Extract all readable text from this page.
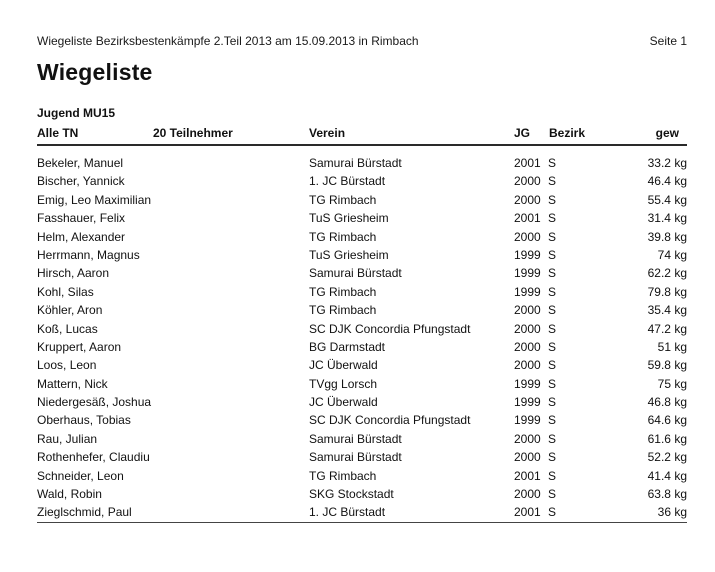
Wiegeliste Bezirksbestenkämpfe 2.Teil 2013 am 15.09.2013 in Rimbach	Seite 1
Wiegeliste
Jugend MU15
Alle TN	20 Teilnehmer	Verein	JG Bezirk	gew
Bekeler, Manuel	Samurai Bürstadt	2001 S	33.2 kg
Bischer, Yannick	1. JC Bürstadt	2000 S	46.4 kg
Emig, Leo Maximilian	TG Rimbach	2000 S	55.4 kg
Fasshauer, Felix	TuS Griesheim	2001 S	31.4 kg
Helm, Alexander	TG Rimbach	2000 S	39.8 kg
Herrmann, Magnus	TuS Griesheim	1999 S	74 kg
Hirsch, Aaron	Samurai Bürstadt	1999 S	62.2 kg
Kohl, Silas	TG Rimbach	1999 S	79.8 kg
Köhler, Aron	TG Rimbach	2000 S	35.4 kg
Koß, Lucas	SC DJK Concordia Pfungstadt	2000 S	47.2 kg
Kruppert, Aaron	BG Darmstadt	2000 S	51 kg
Loos, Leon	JC Überwald	2000 S	59.8 kg
Mattern, Nick	TVgg Lorsch	1999 S	75 kg
Niedergesäß, Joshua	JC Überwald	1999 S	46.8 kg
Oberhaus, Tobias	SC DJK Concordia Pfungstadt	1999 S	64.6 kg
Rau, Julian	Samurai Bürstadt	2000 S	61.6 kg
Rothenhefer, Claudiu	Samurai Bürstadt	2000 S	52.2 kg
Schneider, Leon	TG Rimbach	2001 S	41.4 kg
Wald, Robin	SKG Stockstadt	2000 S	63.8 kg
Zieglschmid, Paul	1. JC Bürstadt	2001 S	36 kg
